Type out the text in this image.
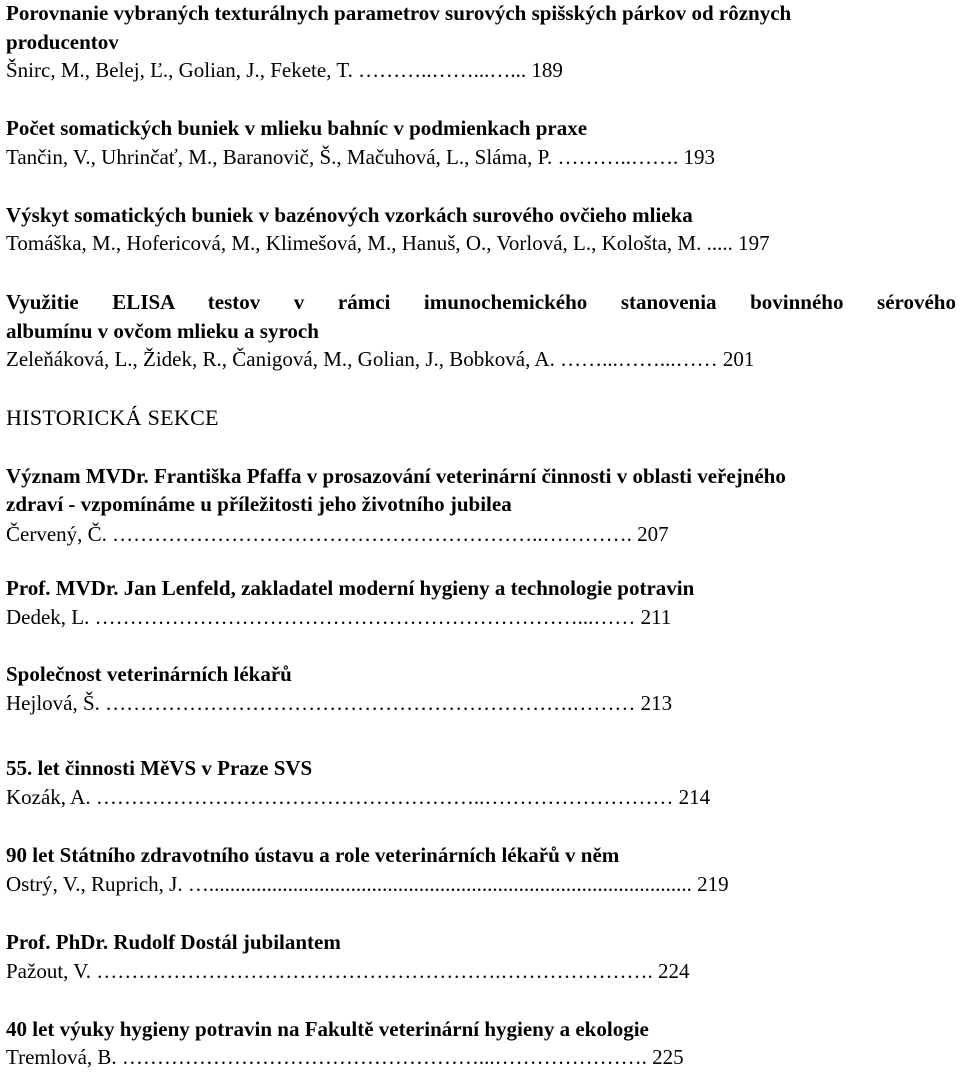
Porovnanie vybraných texturálnych parametrov surových spišských párkov od rôznych
producentov
Šnirc, M., Belej, Ľ., Golian, J., Fekete, T. ………..……...…... 189
Počet somatických buniek v mlieku bahníc v podmienkach praxe
Tančin, V., Uhrinčať, M., Baranovič, Š., Mačuhová, L., Sláma, P. ………..……. 193
Výskyt somatických buniek v bazénových vzorkách surového ovčieho mlieka
Tomáška, M., Hofericová, M., Klimešová, M., Hanuš, O., Vorlová, L., Kološta, M. ..... 197
Využitie ELISA testov v rámci imunochemického stanovenia bovinného sérového
albumínu v ovčom mlieku a syroch
Zeleňáková, L., Židek, R., Čanigová, M., Golian, J., Bobková, A. ……...……...…… 201
HISTORICKÁ SEKCE
Význam MVDr. Františka Pfaffa v prosazování veterinární činnosti v oblasti veřejného
zdraví - vzpomínáme u příležitosti jeho životního jubilea
Červený, Č. ……………………………………………………..…………. 207
Prof. MVDr. Jan Lenfeld, zakladatel moderní hygieny a technologie potravin
Dedek, L. ……………………………………………………………...…… 211
Společnost veterinárních lékařů
Hejlová, Š. ………………………………………………………….……… 213
55. let činnosti MěVS v Praze SVS
Kozák, A. ………………………………………………..……………………… 214
90 let Státního zdravotního ústavu a role veterinárních lékařů v něm
Ostrý, V., Ruprich, J. …............................................................................................ 219
Prof. PhDr. Rudolf Dostál jubilantem
Pažout, V. ………………………………………………….…………………. 224
40 let výuky hygieny potravin na Fakultě veterinární hygieny a ekologie
Tremlová, B. ……………………………………………...…………………. 225
